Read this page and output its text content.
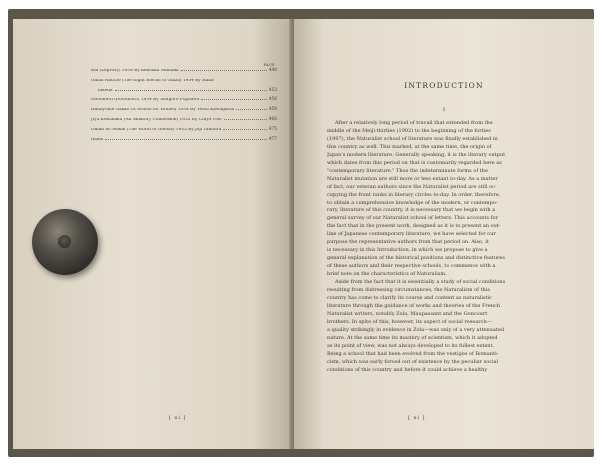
PAGE
Rai (Leprosy) 1934 By Kensaku Shimaki	448
Ginza Hatchō (The Eight Blocks of Ginza) 1934 By Rinzō
Takeda	453
Dōtonbori (Dōtonbori) 1934 By Shūgorō Fujisawa	456
Hanayome Gakkō (A School for Brides) 1934 By Tetsu Kawaguchi	459
Jiyū Kokuhaku (An Amatory Confession) 1935 By Chiyo Uno	468
Ōmiki no Seikai (The World of Ghosts) 1935 By Jōji Tamiura	475
Index	477
[ xi ]
INTRODUCTION
I
After a relatively long period of travail that extended from the
middle of the Meiji-thirties (1902) to the beginning of the forties
(1907), the Naturalist school of literature was finally established in
this country as well. This marked, at the same time, the origin of
Japan's modern literature. Generally speaking, it is the literary output
which dates from this period on that is customarily regarded here as
"contemporary literature." Thus the indeterminate forms of the
Naturalist mutation are still more or less extant to-day. As a matter
of fact, our veteran authors since the Naturalist period are still oc-
cupying the front ranks in literary circles to-day. In order, therefore,
to obtain a comprehensive knowledge of the modern, or contempo-
rary, literature of this country, it is necessary that we begin with a
general survey of our Naturalist school of letters. This accounts for
the fact that in the present work, designed as it is to present an out-
line of Japanese contemporary literature, we have selected for our
purpose the representative authors from that period on. Also, it
is necessary in this Introduction, in which we propose to give a
general explanation of the historical positions and distinctive features
of these authors and their respective schools, to commence with a
brief note on the characteristics of Naturalism.
Aside from the fact that it is essentially a study of social conditions
resulting from distressing circumstances, the Naturalism of this
country has come to clarify its course and content as naturalistic
literature through the guidance of works and theories of the French
Naturalist writers, notably Zola, Maupassant and the Goncourt
brothers. In spite of this, however, its aspect of social research—
a quality strikingly in evidence in Zola—was only of a very attenuated
nature. At the same time its mastery of scientism, which it adopted
as its point of view, was not always developed to its fullest extent.
Being a school that had been evolved from the vestiges of Romanti-
cism, which was early forced out of existence by the peculiar social
conditions of this country and before it could achieve a healthy
[ xi ]
